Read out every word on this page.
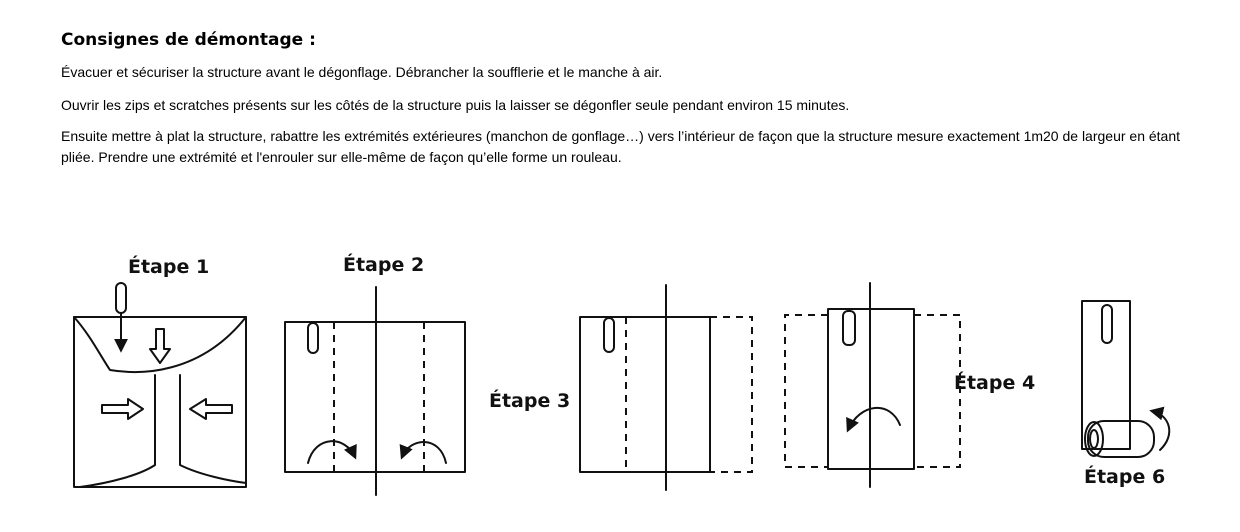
Consignes de démontage :

Évacuer et sécuriser la structure avant le dégonflage. Débrancher la soufflerie et le manche à air.

Ouvrir les zips et scratches présents sur les côtés de la structure puis la laisser se dégonfler seule pendant environ 15 minutes.

Ensuite mettre à plat la structure, rabattre les extrémités extérieures (manchon de gonflage…) vers l’intérieur de façon que la structure mesure exactement 1m20 de largeur en étant pliée. Prendre une extrémité et l'enrouler sur elle-même de façon qu’elle forme un rouleau.

Étape 1	Étape 2
Étape 3
Étape 4
Étape 6
